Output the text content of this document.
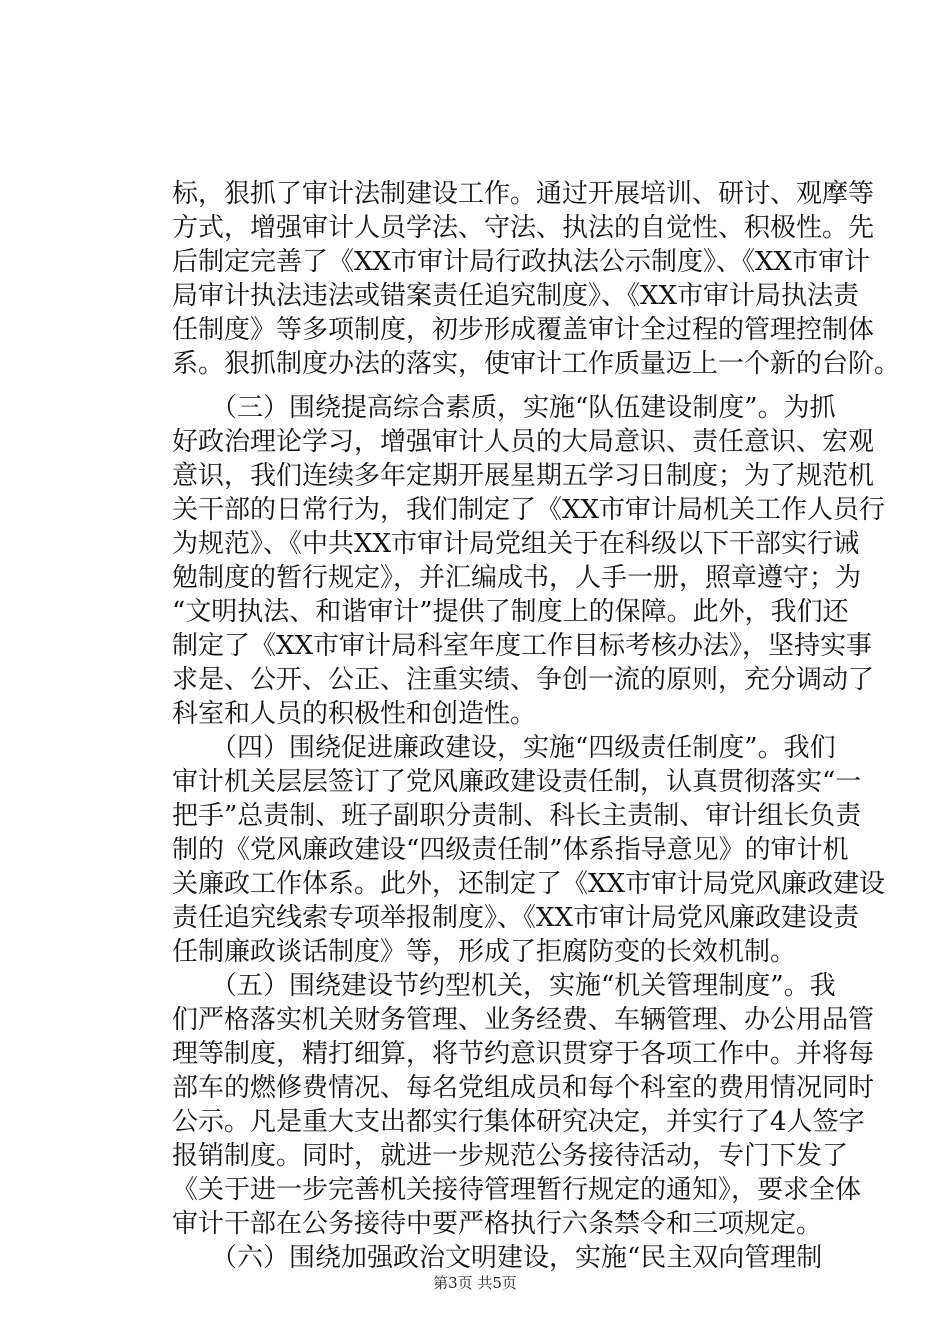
标，狠抓了审计法制建设工作。通过开展培训、研讨、观摩等
方式，增强审计人员学法、守法、执法的自觉性、积极性。先
后制定完善了《XX市审计局行政执法公示制度》、《XX市审计
局审计执法违法或错案责任追究制度》、《XX市审计局执法责
任制度》等多项制度，初步形成覆盖审计全过程的管理控制体
系。狠抓制度办法的落实，使审计工作质量迈上一个新的台阶。
　　（三）围绕提高综合素质，实施“队伍建设制度”。为抓
好政治理论学习，增强审计人员的大局意识、责任意识、宏观
意识，我们连续多年定期开展星期五学习日制度；为了规范机
关干部的日常行为，我们制定了《XX市审计局机关工作人员行
为规范》、《中共XX市审计局党组关于在科级以下干部实行诫
勉制度的暂行规定》，并汇编成书，人手一册，照章遵守；为
“文明执法、和谐审计”提供了制度上的保障。此外，我们还
制定了《XX市审计局科室年度工作目标考核办法》，坚持实事
求是、公开、公正、注重实绩、争创一流的原则，充分调动了
科室和人员的积极性和创造性。
　　（四）围绕促进廉政建设，实施“四级责任制度”。我们
审计机关层层签订了党风廉政建设责任制，认真贯彻落实“一
把手”总责制、班子副职分责制、科长主责制、审计组长负责
制的《党风廉政建设“四级责任制”体系指导意见》的审计机
关廉政工作体系。此外，还制定了《XX市审计局党风廉政建设
责任追究线索专项举报制度》、《XX市审计局党风廉政建设责
任制廉政谈话制度》等，形成了拒腐防变的长效机制。
　　（五）围绕建设节约型机关，实施“机关管理制度”。我
们严格落实机关财务管理、业务经费、车辆管理、办公用品管
理等制度，精打细算，将节约意识贯穿于各项工作中。并将每
部车的燃修费情况、每名党组成员和每个科室的费用情况同时
公示。凡是重大支出都实行集体研究决定，并实行了4人签字
报销制度。同时，就进一步规范公务接待活动，专门下发了
《关于进一步完善机关接待管理暂行规定的通知》，要求全体
审计干部在公务接待中要严格执行六条禁令和三项规定。
　　（六）围绕加强政治文明建设，实施“民主双向管理制
第3页 共5页
